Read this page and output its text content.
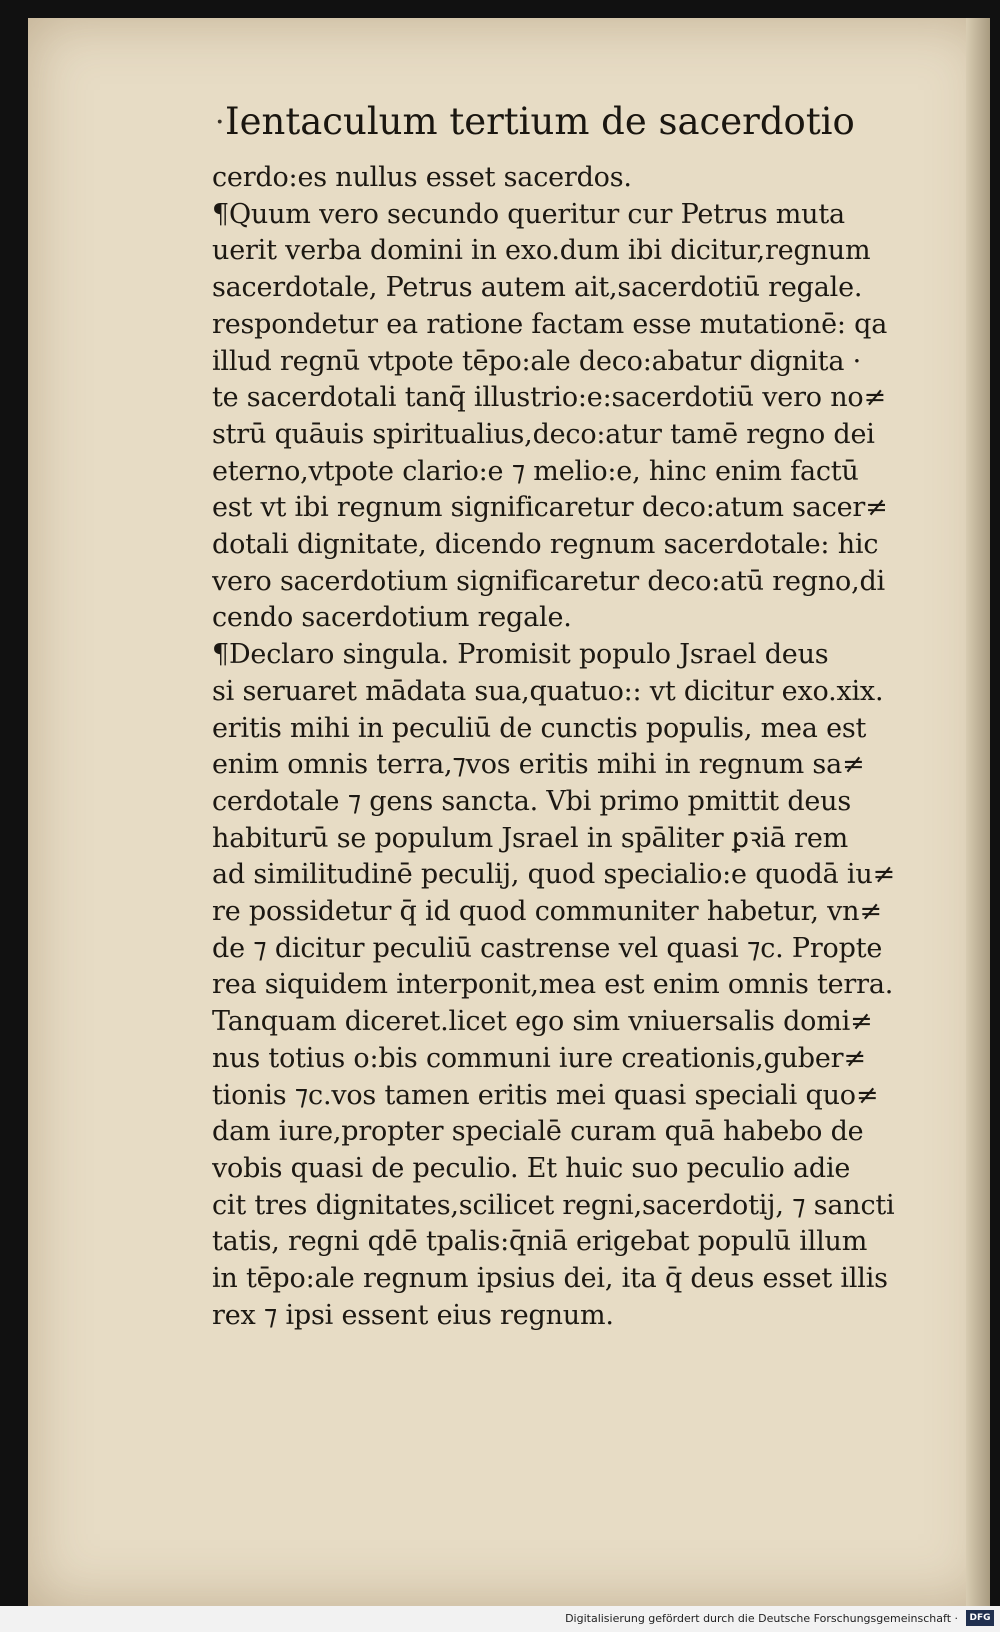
· Ientaculum tertium de sacerdotio
cerdo:es nullus esset sacerdos.
¶Quum vero secundo queritur cur Petrus muta
uerit verba domini in exo.dum ibi dicitur,regnum
sacerdotale, Petrus autem ait,sacerdotiū regale.
respondetur ea ratione factam esse mutationē: qa
illud regnū vtpote tēpo:ale deco:abatur dignita ·
te sacerdotali tanq̄ illustrio:e:sacerdotiū vero no≠
strū quāuis spiritualius,deco:atur tamē regno dei
eterno,vtpote clario:e ⁊ melio:e, hinc enim factū
est vt ibi regnum significaretur deco:atum sacer≠
dotali dignitate, dicendo regnum sacerdotale: hic
vero sacerdotium significaretur deco:atū regno,di
cendo sacerdotium regale.
¶Declaro singula. Promisit populo Jsrael deus
si seruaret mādata sua,quatuo:: vt dicitur exo.xix.
eritis mihi in peculiū de cunctis populis, mea est
enim omnis terra,⁊vos eritis mihi in regnum sa≠
cerdotale ⁊ gens sancta. Vbi primo pmittit deus
habiturū se populum Jsrael in spāliter ꝑꝛiā rem
ad similitudinē peculij, quod specialio:e quodā iu≠
re possidetur q̄ id quod communiter habetur, vn≠
de ⁊ dicitur peculiū castrense vel quasi ⁊c. Propte
rea siquidem interponit,mea est enim omnis terra.
Tanquam diceret.licet ego sim vniuersalis domi≠
nus totius o:bis communi iure creationis,guber≠
tionis ⁊c.vos tamen eritis mei quasi speciali quo≠
dam iure,propter specialē curam quā habebo de
vobis quasi de peculio. Et huic suo peculio adie
cit tres dignitates,scilicet regni,sacerdotij, ⁊ sancti
tatis, regni qdē tpalis:q̄niā erigebat populū illum
in tēpo:ale regnum ipsius dei, ita q̄ deus esset illis
rex ⁊ ipsi essent eius regnum.
Digitalisierung gefördert durch die Deutsche Forschungsgemeinschaft ·	DFG
